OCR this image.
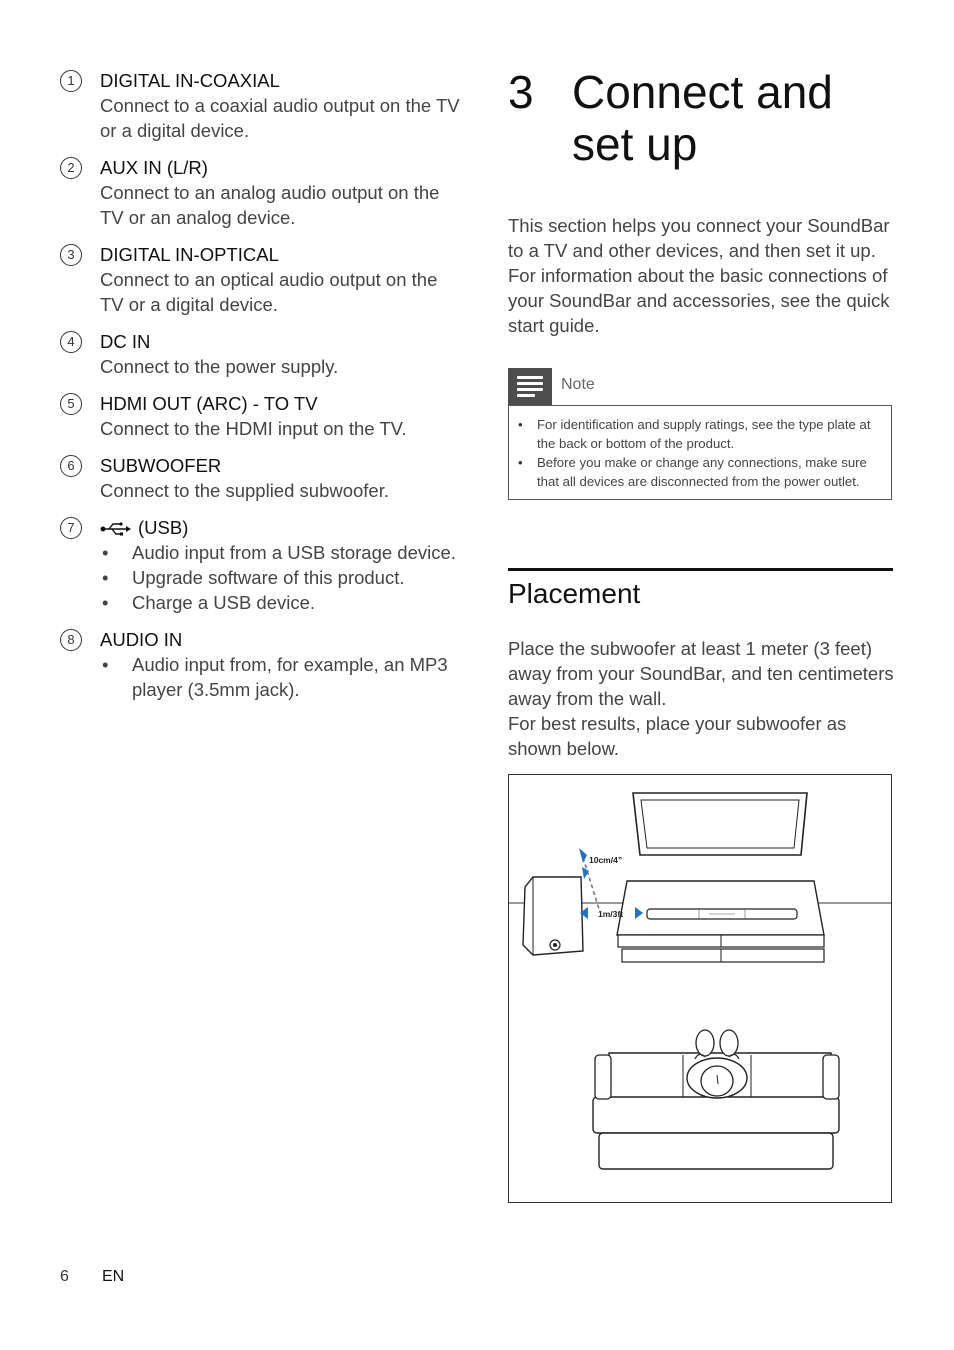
1	DIGITAL IN-COAXIAL
Connect to a coaxial audio output on the TV or a digital device.
2	AUX IN (L/R)
Connect to an analog audio output on the TV or an analog device.
3	DIGITAL IN-OPTICAL
Connect to an optical audio output on the TV or a digital device.
4	DC IN
Connect to the power supply.
5	HDMI OUT (ARC) - TO TV
Connect to the HDMI input on the TV.
6	SUBWOOFER
Connect to the supplied subwoofer.
7	(USB)
• Audio input from a USB storage device.
• Upgrade software of this product.
• Charge a USB device.
8	AUDIO IN
• Audio input from, for example, an MP3 player (3.5mm jack).
3 Connect and set up
This section helps you connect your SoundBar to a TV and other devices, and then set it up. For information about the basic connections of your SoundBar and accessories, see the quick start guide.
Note
• For identification and supply ratings, see the type plate at the back or bottom of the product.
• Before you make or change any connections, make sure that all devices are disconnected from the power outlet.
Placement
Place the subwoofer at least 1 meter (3 feet) away from your SoundBar, and ten centimeters away from the wall.
For best results, place your subwoofer as shown below.
10cm/4”
1m/3ft
6 EN
